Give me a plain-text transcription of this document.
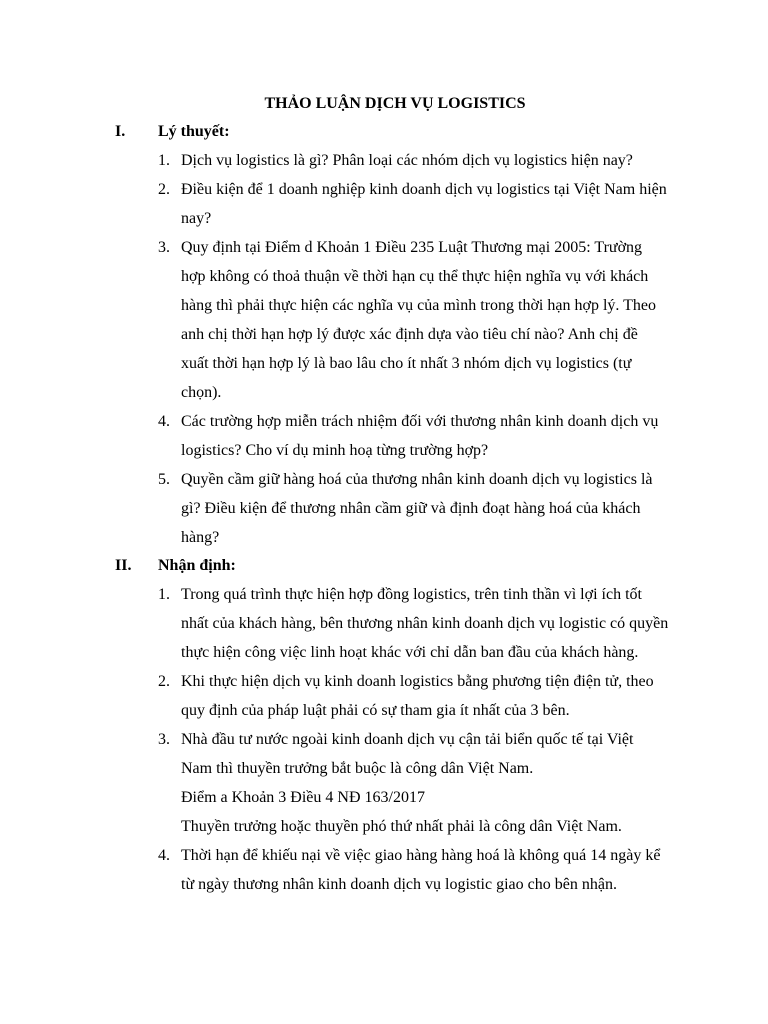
THẢO LUẬN DỊCH VỤ LOGISTICS
I. Lý thuyết:
1. Dịch vụ logistics là gì? Phân loại các nhóm dịch vụ logistics hiện nay?
2. Điều kiện để 1 doanh nghiệp kinh doanh dịch vụ logistics tại Việt Nam hiện
nay?
3. Quy định tại Điểm d Khoản 1 Điều 235 Luật Thương mại 2005: Trường
hợp không có thoả thuận về thời hạn cụ thể thực hiện nghĩa vụ với khách
hàng thì phải thực hiện các nghĩa vụ của mình trong thời hạn hợp lý. Theo
anh chị thời hạn hợp lý được xác định dựa vào tiêu chí nào? Anh chị đề
xuất thời hạn hợp lý là bao lâu cho ít nhất 3 nhóm dịch vụ logistics (tự
chọn).
4. Các trường hợp miễn trách nhiệm đối với thương nhân kinh doanh dịch vụ
logistics? Cho ví dụ minh hoạ từng trường hợp?
5. Quyền cầm giữ hàng hoá của thương nhân kinh doanh dịch vụ logistics là
gì? Điều kiện để thương nhân cầm giữ và định đoạt hàng hoá của khách
hàng?
II. Nhận định:
1. Trong quá trình thực hiện hợp đồng logistics, trên tinh thần vì lợi ích tốt
nhất của khách hàng, bên thương nhân kinh doanh dịch vụ logistic có quyền
thực hiện công việc linh hoạt khác với chỉ dẫn ban đầu của khách hàng.
2. Khi thực hiện dịch vụ kinh doanh logistics bằng phương tiện điện tử, theo
quy định của pháp luật phải có sự tham gia ít nhất của 3 bên.
3. Nhà đầu tư nước ngoài kinh doanh dịch vụ cận tải biển quốc tế tại Việt
Nam thì thuyền trưởng bắt buộc là công dân Việt Nam.
Điểm a Khoản 3 Điều 4 NĐ 163/2017
Thuyền trưởng hoặc thuyền phó thứ nhất phải là công dân Việt Nam.
4. Thời hạn để khiếu nại về việc giao hàng hàng hoá là không quá 14 ngày kể
từ ngày thương nhân kinh doanh dịch vụ logistic giao cho bên nhận.
